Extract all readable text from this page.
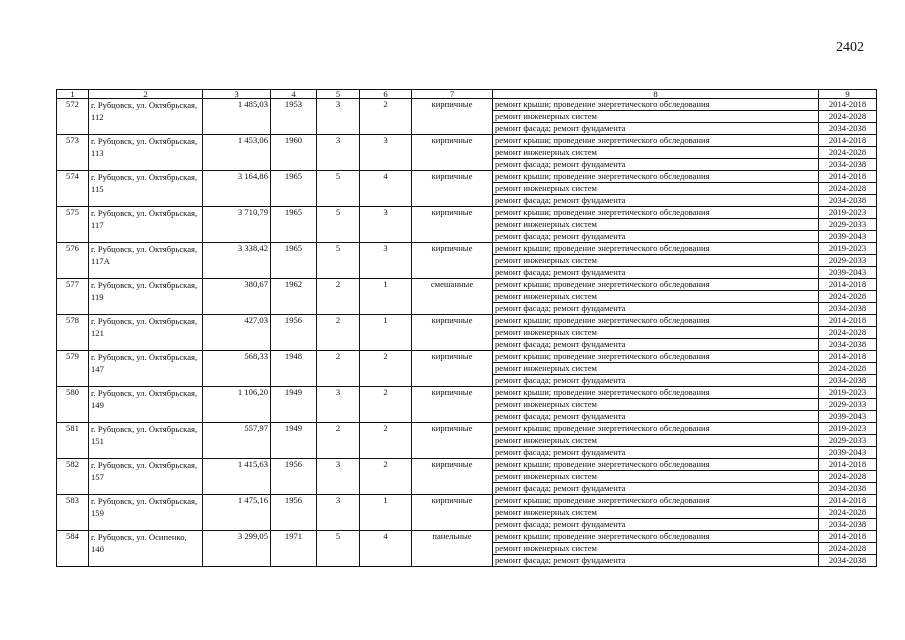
2402
1	2	3	4	5	6	7	8	9
572	г. Рубцовск, ул. Октябрьская, 112	1 485,03	1953	3	2	кирпичные	ремонт крыши; проведение энергетического обследования	2014-2018
							ремонт инженерных систем	2024-2028
							ремонт фасада; ремонт фундамента	2034-2038
573	г. Рубцовск, ул. Октябрьская, 113	1 453,06	1960	3	3	кирпичные	ремонт крыши; проведение энергетического обследования	2014-2018
							ремонт инженерных систем	2024-2028
							ремонт фасада; ремонт фундамента	2034-2038
574	г. Рубцовск, ул. Октябрьская, 115	3 164,86	1965	5	4	кирпичные	ремонт крыши; проведение энергетического обследования	2014-2018
							ремонт инженерных систем	2024-2028
							ремонт фасада; ремонт фундамента	2034-2038
575	г. Рубцовск, ул. Октябрьская, 117	3 710,79	1965	5	3	кирпичные	ремонт крыши; проведение энергетического обследования	2019-2023
							ремонт инженерных систем	2029-2033
							ремонт фасада; ремонт фундамента	2039-2043
576	г. Рубцовск, ул. Октябрьская, 117А	3 338,42	1965	5	3	кирпичные	ремонт крыши; проведение энергетического обследования	2019-2023
							ремонт инженерных систем	2029-2033
							ремонт фасада; ремонт фундамента	2039-2043
577	г. Рубцовск, ул. Октябрьская, 119	380,67	1962	2	1	смешанные	ремонт крыши; проведение энергетического обследования	2014-2018
							ремонт инженерных систем	2024-2028
							ремонт фасада; ремонт фундамента	2034-2038
578	г. Рубцовск, ул. Октябрьская, 121	427,03	1956	2	1	кирпичные	ремонт крыши; проведение энергетического обследования	2014-2018
							ремонт инженерных систем	2024-2028
							ремонт фасада; ремонт фундамента	2034-2038
579	г. Рубцовск, ул. Октябрьская, 147	568,33	1948	2	2	кирпичные	ремонт крыши; проведение энергетического обследования	2014-2018
							ремонт инженерных систем	2024-2028
							ремонт фасада; ремонт фундамента	2034-2038
580	г. Рубцовск, ул. Октябрьская, 149	1 106,20	1949	3	2	кирпичные	ремонт крыши; проведение энергетического обследования	2019-2023
							ремонт инженерных систем	2029-2033
							ремонт фасада; ремонт фундамента	2039-2043
581	г. Рубцовск, ул. Октябрьская, 151	557,97	1949	2	2	кирпичные	ремонт крыши; проведение энергетического обследования	2019-2023
							ремонт инженерных систем	2029-2033
							ремонт фасада; ремонт фундамента	2039-2043
582	г. Рубцовск, ул. Октябрьская, 157	1 415,63	1956	3	2	кирпичные	ремонт крыши; проведение энергетического обследования	2014-2018
							ремонт инженерных систем	2024-2028
							ремонт фасада; ремонт фундамента	2034-2038
583	г. Рубцовск, ул. Октябрьская, 159	1 475,16	1956	3	1	кирпичные	ремонт крыши; проведение энергетического обследования	2014-2018
							ремонт инженерных систем	2024-2028
							ремонт фасада; ремонт фундамента	2034-2038
584	г. Рубцовск, ул. Осипенко, 140	3 299,05	1971	5	4	панельные	ремонт крыши; проведение энергетического обследования	2014-2018
							ремонт инженерных систем	2024-2028
							ремонт фасада; ремонт фундамента	2034-2038
